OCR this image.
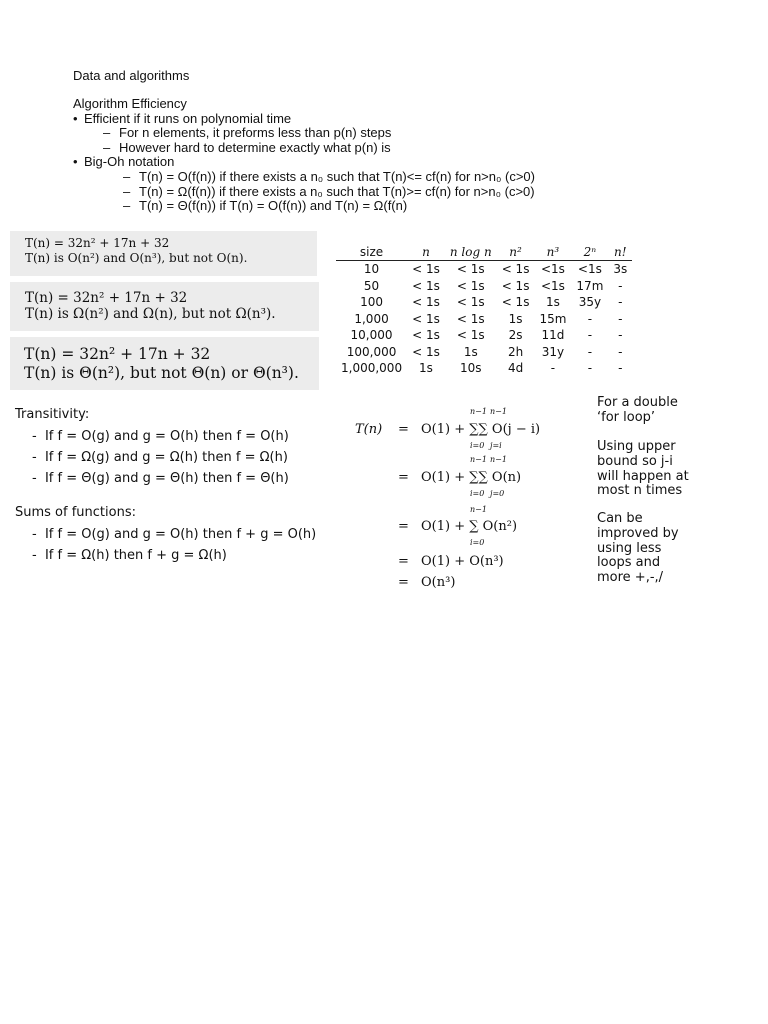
Data and algorithms
Algorithm Efficiency
• Efficient if it runs on polynomial time
– For n elements, it preforms less than p(n) steps
– However hard to determine exactly what p(n) is
• Big-Oh notation
– T(n) = O(f(n)) if there exists a n₀ such that T(n)<= cf(n) for n>n₀ (c>0)
– T(n) = Ω(f(n)) if there exists a n₀ such that T(n)>= cf(n) for n>n₀ (c>0)
– T(n) = Θ(f(n)) if T(n) = O(f(n)) and T(n) = Ω(f(n)
T(n) = 32n² + 17n + 32
T(n) is O(n²) and O(n³), but not O(n).
T(n) = 32n² + 17n + 32
T(n) is Ω(n²) and Ω(n), but not Ω(n³).
T(n) = 32n² + 17n + 32
T(n) is Θ(n²), but not Θ(n) or Θ(n³).
size	n	n log n	n²	n³	2ⁿ	n!
10	< 1s	< 1s	< 1s	<1s	<1s	3s
50	< 1s	< 1s	< 1s	<1s	17m	-
100	< 1s	< 1s	< 1s	1s	35y	-
1,000	< 1s	< 1s	1s	15m	-	-
10,000	< 1s	< 1s	2s	11d	-	-
100,000	< 1s	1s	2h	31y	-	-
1,000,000	1s	10s	4d	-	-	-
Transitivity:
-  If f = O(g) and g = O(h) then f = O(h)
-  If f = Ω(g) and g = Ω(h) then f = Ω(h)
-  If f = Θ(g) and g = Θ(h) then f = Θ(h)
Sums of functions:
-  If f = O(g) and g = O(h) then f + g = O(h)
-  If f = Ω(h) then f + g = Ω(h)
T(n) = O(1) + ∑∑ O(j − i)
n−1 n−1
i=0 j=i
= O(1) + ∑∑ O(n)
n−1 n−1
i=0 j=0
= O(1) + ∑ O(n²)
n−1
i=0
= O(1) + O(n³)
= O(n³)
For a double
‘for loop’
Using upper
bound so j-i
will happen at
most n times
Can be
improved by
using less
loops and
more +,-,/
